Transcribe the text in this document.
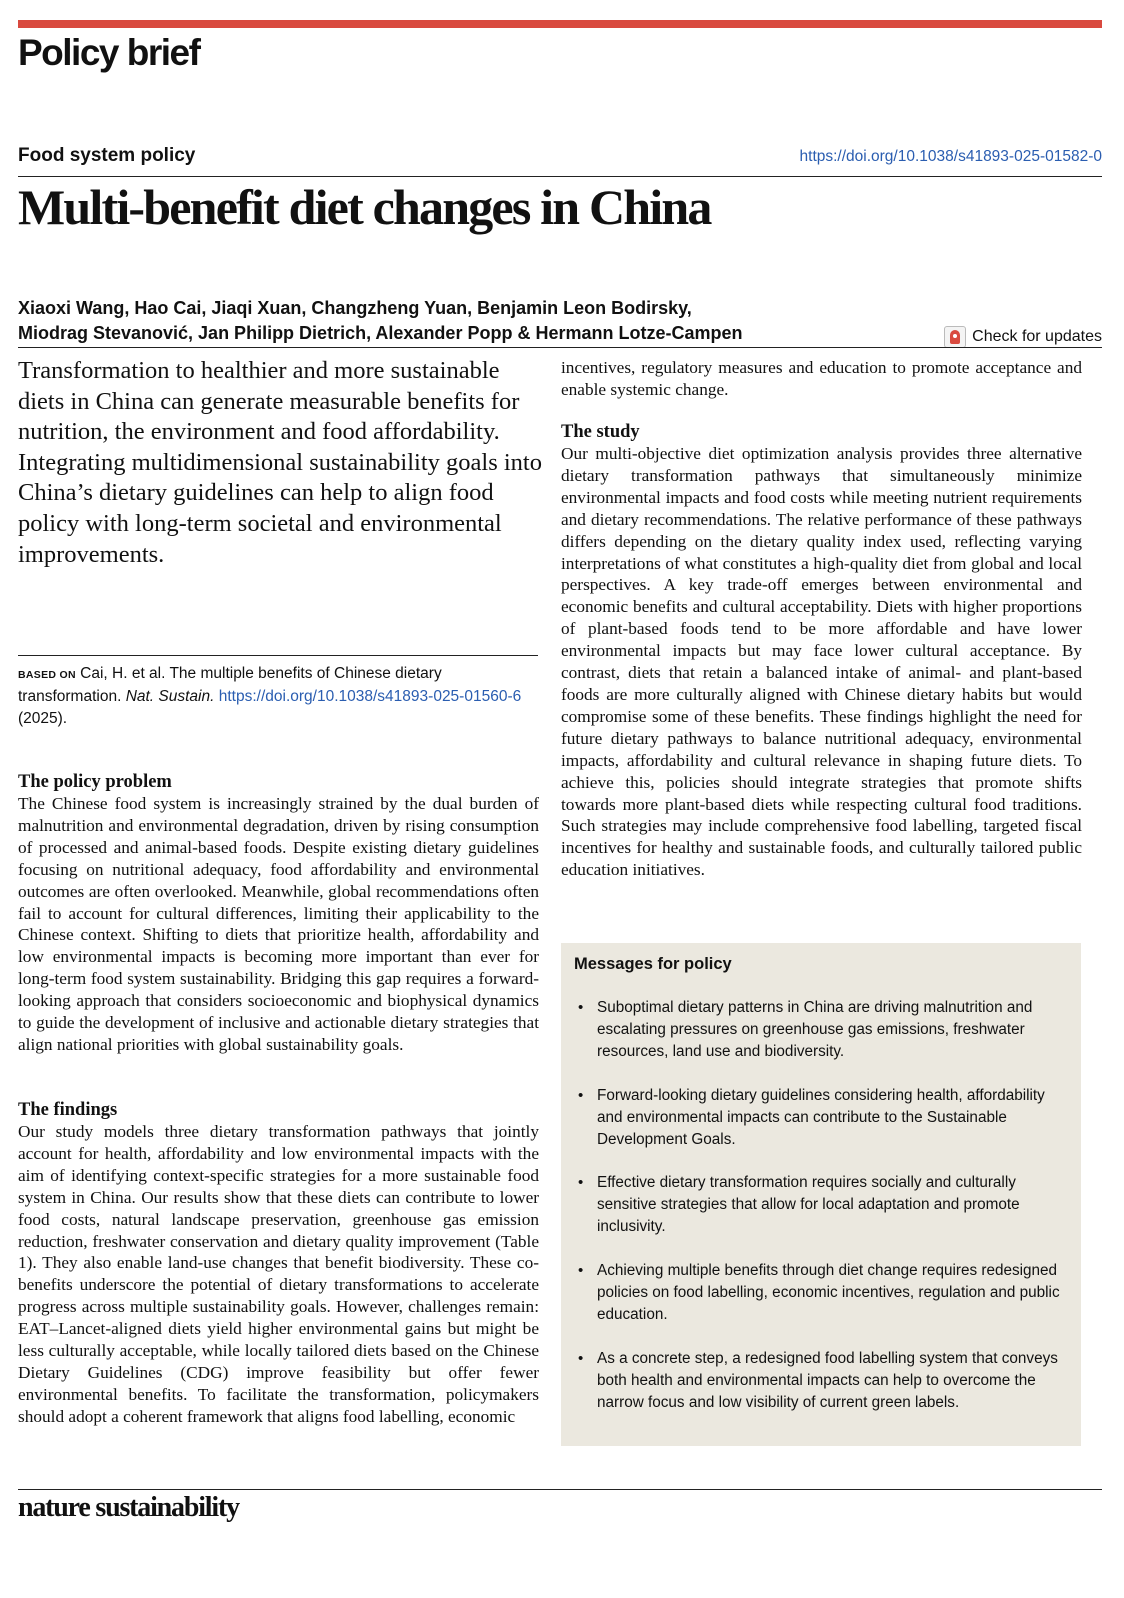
Policy brief
Food system policy	https://doi.org/10.1038/s41893-025-01582-0
Multi-benefit diet changes in China
Xiaoxi Wang, Hao Cai, Jiaqi Xuan, Changzheng Yuan, Benjamin Leon Bodirsky,
Miodrag Stevanović, Jan Philipp Dietrich, Alexander Popp & Hermann Lotze-Campen	Check for updates
Transformation to healthier and more sustainable diets in China can generate measurable benefits for nutrition, the environment and food affordability. Integrating multidimensional sustainability goals into China’s dietary guidelines can help to align food policy with long-term societal and environmental improvements.
BASED ON Cai, H. et al. The multiple benefits of Chinese dietary transformation. Nat. Sustain. https://doi.org/10.1038/s41893-025-01560-6 (2025).
The policy problem

The Chinese food system is increasingly strained by the dual burden of malnutrition and environmental degradation, driven by rising consumption of processed and animal-based foods. Despite existing dietary guidelines focusing on nutritional adequacy, food affordability and environmental outcomes are often overlooked. Meanwhile, global recommendations often fail to account for cultural differences, limiting their applicability to the Chinese context. Shifting to diets that prioritize health, affordability and low environmental impacts is becoming more important than ever for long-term food system sustainability. Bridging this gap requires a forward-looking approach that considers socioeconomic and biophysical dynamics to guide the development of inclusive and actionable dietary strategies that align national priorities with global sustainability goals.

The findings

Our study models three dietary transformation pathways that jointly account for health, affordability and low environmental impacts with the aim of identifying context-specific strategies for a more sustainable food system in China. Our results show that these diets can contribute to lower food costs, natural landscape preservation, greenhouse gas emission reduction, freshwater conservation and dietary quality improvement (Table 1). They also enable land-use changes that benefit biodiversity. These co-benefits underscore the potential of dietary transformations to accelerate progress across multiple sustainability goals. However, challenges remain: EAT–Lancet-aligned diets yield higher environmental gains but might be less culturally acceptable, while locally tailored diets based on the Chinese Dietary Guidelines (CDG) improve feasibility but offer fewer environmental benefits. To facilitate the transformation, policymakers should adopt a coherent framework that aligns food labelling, economic

incentives, regulatory measures and education to promote acceptance and enable systemic change.

The study

Our multi-objective diet optimization analysis provides three alternative dietary transformation pathways that simultaneously minimize environmental impacts and food costs while meeting nutrient requirements and dietary recommendations. The relative performance of these pathways differs depending on the dietary quality index used, reflecting varying interpretations of what constitutes a high-quality diet from global and local perspectives. A key trade-off emerges between environmental and economic benefits and cultural acceptability. Diets with higher proportions of plant-based foods tend to be more affordable and have lower environmental impacts but may face lower cultural acceptance. By contrast, diets that retain a balanced intake of animal- and plant-based foods are more culturally aligned with Chinese dietary habits but would compromise some of these benefits. These findings highlight the need for future dietary pathways to balance nutritional adequacy, environmental impacts, affordability and cultural relevance in shaping future diets. To achieve this, policies should integrate strategies that promote shifts towards more plant-based diets while respecting cultural food traditions. Such strategies may include comprehensive food labelling, targeted fiscal incentives for healthy and sustainable foods, and culturally tailored public education initiatives.

Messages for policy
• Suboptimal dietary patterns in China are driving malnutrition and escalating pressures on greenhouse gas emissions, freshwater resources, land use and biodiversity.
• Forward-looking dietary guidelines considering health, affordability and environmental impacts can contribute to the Sustainable Development Goals.
• Effective dietary transformation requires socially and culturally sensitive strategies that allow for local adaptation and promote inclusivity.
• Achieving multiple benefits through diet change requires redesigned policies on food labelling, economic incentives, regulation and public education.
• As a concrete step, a redesigned food labelling system that conveys both health and environmental impacts can help to overcome the narrow focus and low visibility of current green labels.
nature sustainability
